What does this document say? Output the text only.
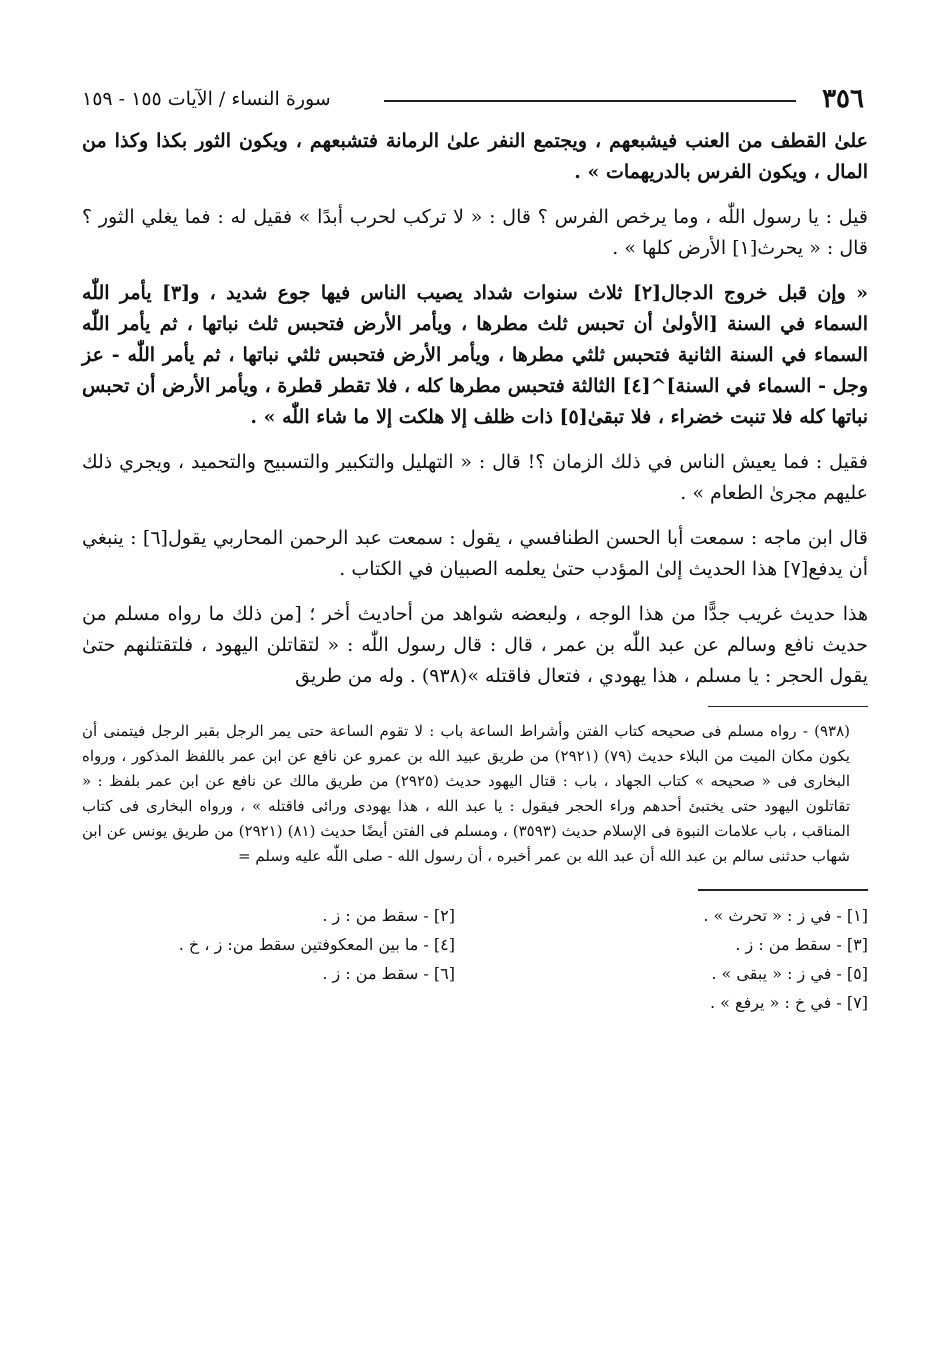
٣٥٦
سورة النساء / الآيات ١٥٥ - ١٥٩

علىٰ القطف من العنب فيشبعهم ، ويجتمع النفر علىٰ الرمانة فتشبعهم ، ويكون الثور بكذا وكذا من المال ، ويكون الفرس بالدريهمات » .

قيل : يا رسول اللّٰه ، وما يرخص الفرس ؟ قال : « لا تركب لحرب أبدًا » فقيل له : فما يغلي الثور ؟ قال : « يحرث[١] الأرض كلها » .

« وإن قبل خروج الدجال[٢] ثلاث سنوات شداد يصيب الناس فيها جوع شديد ، و[٣] يأمر اللّٰه السماء في السنة [الأولىٰ أن تحبس ثلث مطرها ، ويأمر الأرض فتحبس ثلث نباتها ، ثم يأمر اللّٰه السماء في السنة الثانية فتحبس ثلثي مطرها ، ويأمر الأرض فتحبس ثلثي نباتها ، ثم يأمر اللّٰه - عز وجل - السماء في السنة]^[٤] الثالثة فتحبس مطرها كله ، فلا تقطر قطرة ، ويأمر الأرض أن تحبس نباتها كله فلا تنبت خضراء ، فلا تبقىٰ[٥] ذات ظلف إلا هلكت إلا ما شاء اللّٰه » .

فقيل : فما يعيش الناس في ذلك الزمان ؟! قال : « التهليل والتكبير والتسبيح والتحميد ، ويجري ذلك عليهم مجرىٰ الطعام » .

قال ابن ماجه : سمعت أبا الحسن الطنافسي ، يقول : سمعت عبد الرحمن المحاربي يقول[٦] : ينبغي أن يدفع[٧] هذا الحديث إلىٰ المؤدب حتىٰ يعلمه الصبيان في الكتاب .

هذا حديث غريب جدًّا من هذا الوجه ، ولبعضه شواهد من أحاديث أخر ؛ [من ذلك ما رواه مسلم من حديث نافع وسالم عن عبد اللّٰه بن عمر ، قال : قال رسول اللّٰه : « لتقاتلن اليهود ، فلتقتلنهم حتىٰ يقول الحجر : يا مسلم ، هذا يهودي ، فتعال فاقتله »(٩٣٨) . وله من طريق

(٩٣٨) - رواه مسلم فى صحيحه كتاب الفتن وأشراط الساعة باب : لا تقوم الساعة حتى يمر الرجل بقبر الرجل فيتمنى أن يكون مكان الميت من البلاء حديث (٧٩) (٢٩٢١) من طريق عبيد الله بن عمرو عن نافع عن ابن عمر باللفظ المذكور ، ورواه البخارى فى « صحيحه » كتاب الجهاد ، باب : قتال اليهود حديث (٢٩٢٥) من طريق مالك عن نافع عن ابن عمر بلفظ : « تقاتلون اليهود حتى يختبئ أحدهم وراء الحجر فيقول : يا عبد الله ، هذا يهودى ورائى فاقتله » ، ورواه البخارى فى كتاب المناقب ، باب علامات النبوة فى الإسلام حديث (٣٥٩٣) ، ومسلم فى الفتن أيضًا حديث (٨١) (٢٩٢١) من طريق يونس عن ابن شهاب حدثنى سالم بن عبد الله أن عبد الله بن عمر أخبره ، أن رسول الله - صلى اللّٰه عليه وسلم =

[١] - في ز : « تحرث » .
[٢] - سقط من : ز .
[٣] - سقط من : ز .
[٤] - ما بين المعكوفتين سقط من: ز ، خ .
[٥] - في ز : « يبقى » .
[٦] - سقط من : ز .
[٧] - في خ : « يرفع » .
